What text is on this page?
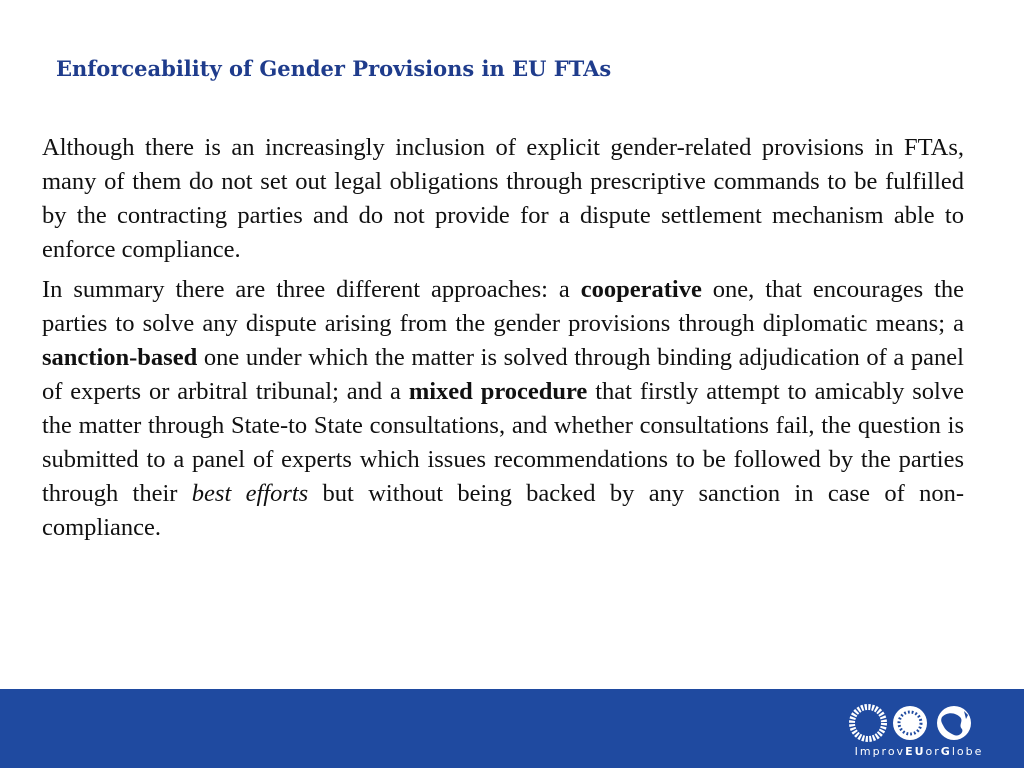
Enforceability of Gender Provisions in EU FTAs

Although there is an increasingly inclusion of explicit gender-related provisions in FTAs, many of them do not set out legal obligations through prescriptive commands to be fulfilled by the contracting parties and do not provide for a dispute settlement mechanism able to enforce compliance.

In summary there are three different approaches: a cooperative one, that encourages the parties to solve any dispute arising from the gender provisions through diplomatic means; a sanction-based one under which the matter is solved through binding adjudication of a panel of experts or arbitral tribunal; and a mixed procedure that firstly attempt to amicably solve the matter through State-to State consultations, and whether consultations fail, the question is submitted to a panel of experts which issues recommendations to be followed by the parties through their best efforts but without being backed by any sanction in case of non-compliance.

ImprovEUorGlobe
